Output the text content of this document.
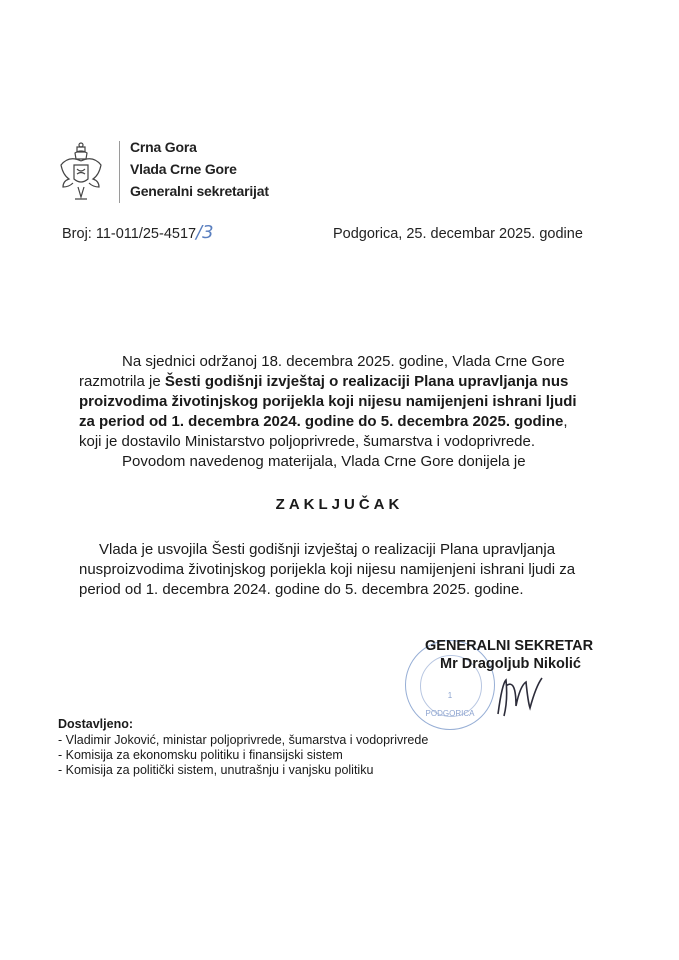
Crna Gora
Vlada Crne Gore
Generalni sekretarijat
Broj: 11-011/25-4517 /3	Podgorica, 25. decembar 2025. godine
Na sjednici održanoj 18. decembra 2025. godine, Vlada Crne Gore
razmotrila je Šesti godišnji izvještaj o realizaciji Plana upravljanja nus
proizvodima životinjskog porijekla koji nijesu namijenjeni ishrani ljudi
za period od 1. decembra 2024. godine do 5. decembra 2025. godine,
koji je dostavilo Ministarstvo poljoprivrede, šumarstva i vodoprivrede.
Povodom navedenog materijala, Vlada Crne Gore donijela je
ZAKLJUČAK
Vlada je usvojila Šesti godišnji izvještaj o realizaciji Plana upravljanja
nusproizvodima životinjskog porijekla koji nijesu namijenjeni ishrani ljudi za
period od 1. decembra 2024. godine do 5. decembra 2025. godine.
1
PODGORICA
GENERALNI SEKRETAR
Mr Dragoljub Nikolić
Dostavljeno:
- Vladimir Joković, ministar poljoprivrede, šumarstva i vodoprivrede
- Komisija za ekonomsku politiku i finansijski sistem
- Komisija za politički sistem, unutrašnju i vanjsku politiku
